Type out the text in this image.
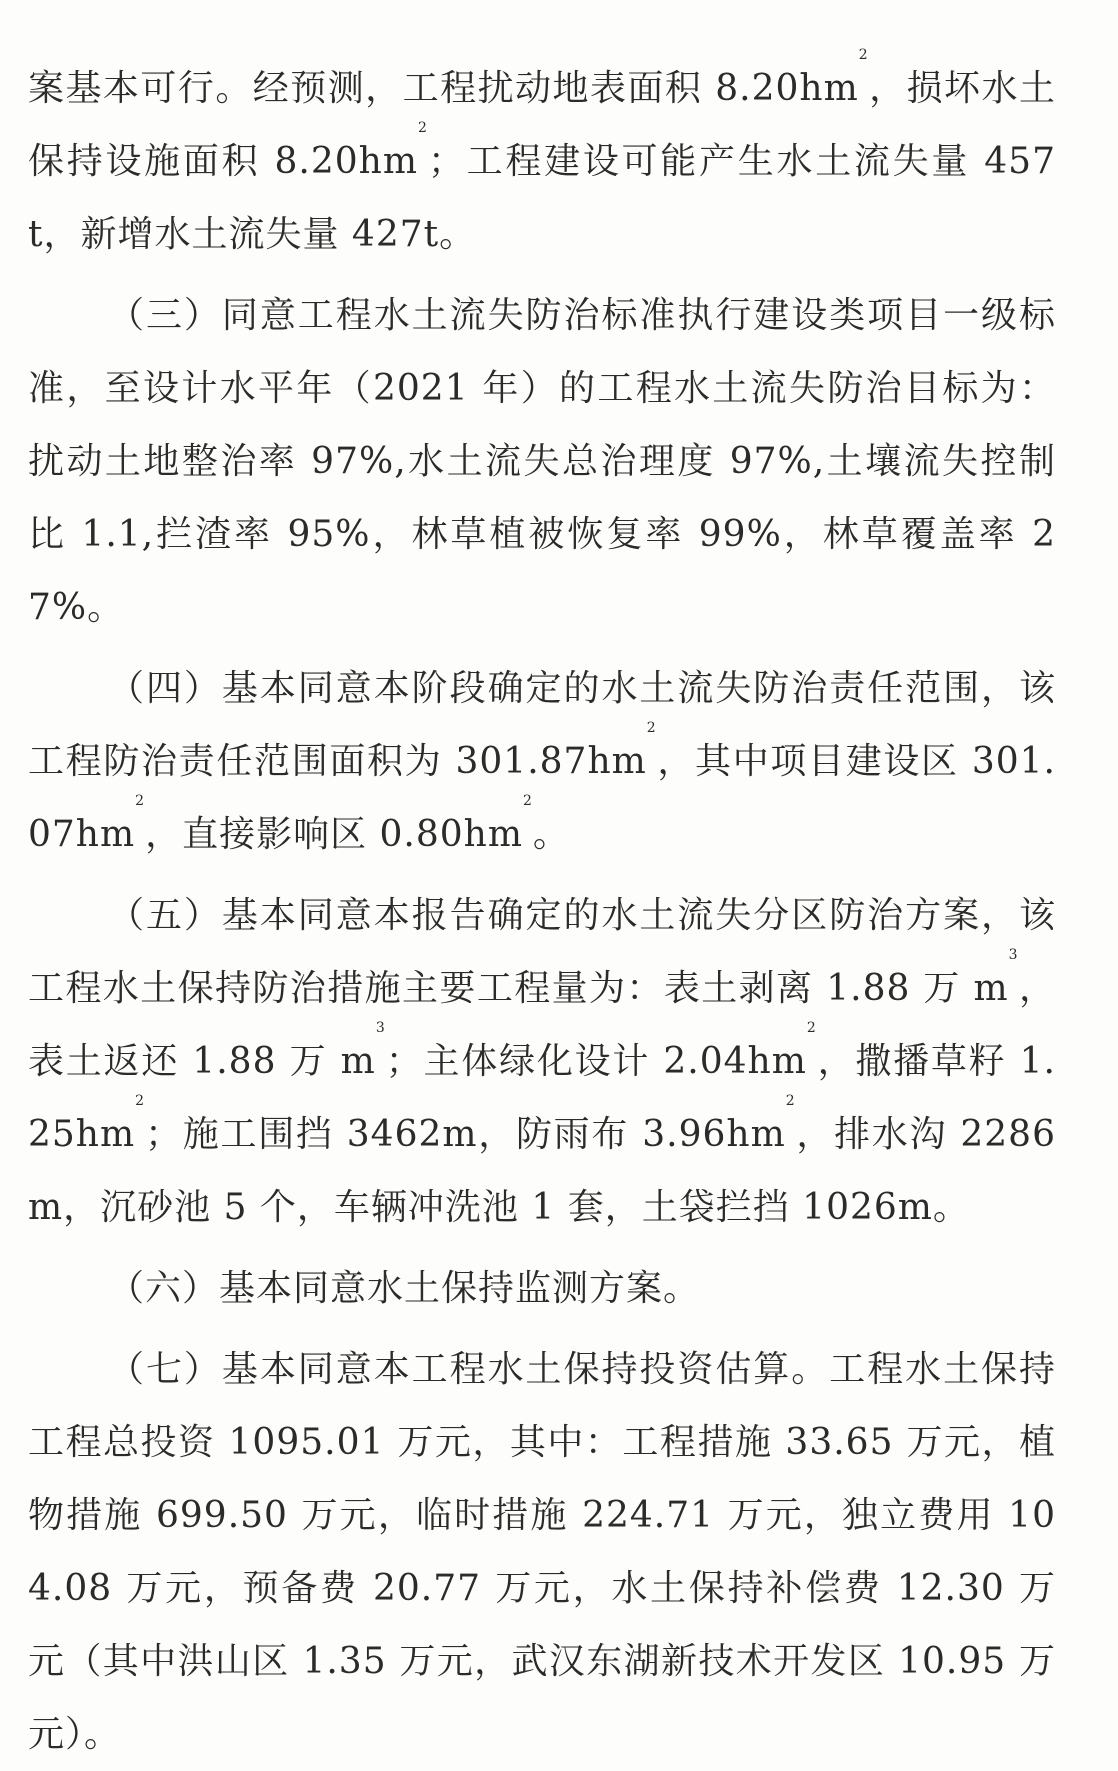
案基本可行。经预测，工程扰动地表面积 $8.20hm^2$，损坏水土保持设施面积 $8.20hm^2$；工程建设可能产生水土流失量 457t，新增水土流失量 427t。

（三）同意工程水土流失防治标准执行建设类项目一级标准，至设计水平年（2021 年）的工程水土流失防治目标为：扰动土地整治率 97%,水土流失总治理度 97%,土壤流失控制比 1.1,拦渣率 95%，林草植被恢复率 99%，林草覆盖率 27%。

（四）基本同意本阶段确定的水土流失防治责任范围，该工程防治责任范围面积为 $301.87hm^2$，其中项目建设区 $301.07hm^2$，直接影响区 $0.80hm^2$。

（五）基本同意本报告确定的水土流失分区防治方案，该工程水土保持防治措施主要工程量为：表土剥离 1.88 万 $m^3$，表土返还 1.88 万 $m^3$；主体绿化设计 $2.04hm^2$，撒播草籽 $1.25hm^2$；施工围挡 3462m，防雨布 $3.96hm^2$，排水沟 2286m，沉砂池 5 个，车辆冲洗池 1 套，土袋拦挡 1026m。

（六）基本同意水土保持监测方案。

（七）基本同意本工程水土保持投资估算。工程水土保持工程总投资 1095.01 万元，其中：工程措施 33.65 万元，植物措施 699.50 万元，临时措施 224.71 万元，独立费用 104.08 万元，预备费 20.77 万元，水土保持补偿费 12.30 万元（其中洪山区 1.35 万元，武汉东湖新技术开发区 10.95 万元）。
